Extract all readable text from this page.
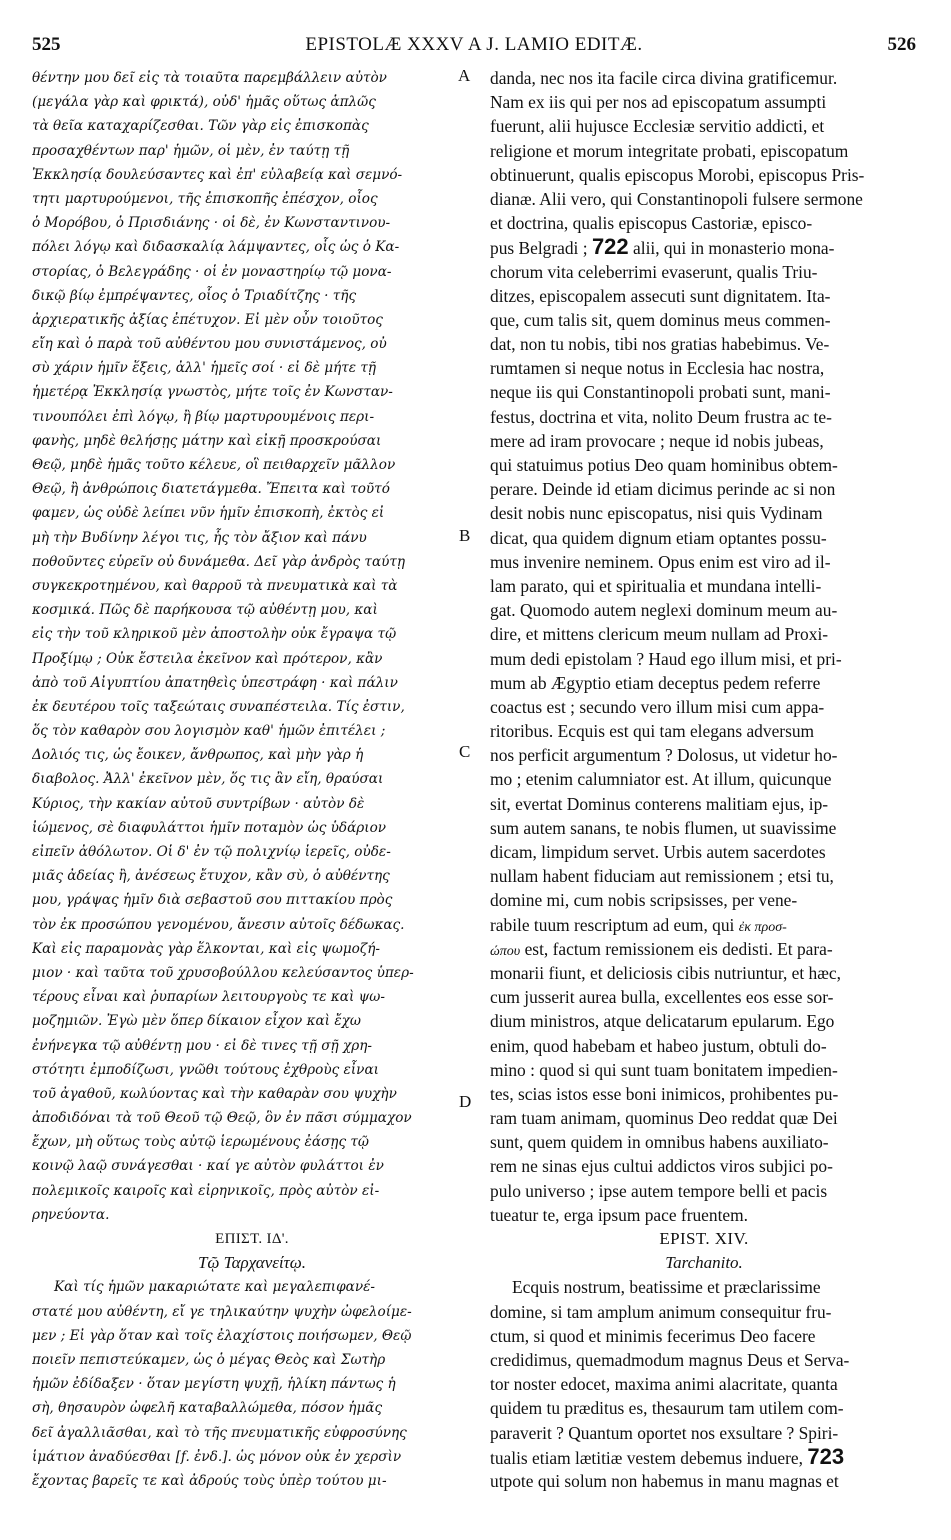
525	EPISTOLÆ XXXV A J. LAMIO EDITÆ.	526
A
B
C
D
θέντην μου δεῖ εἰς τὰ τοιαῦτα παρεμβάλλειν αὐτὸν
(μεγάλα γὰρ καὶ φρικτά), οὐδ' ἡμᾶς οὕτως ἁπλῶς
τὰ θεῖα καταχαρίζεσθαι. Τῶν γὰρ εἰς ἐπισκοπὰς
προσαχθέντων παρ' ἡμῶν, οἱ μὲν, ἐν ταύτῃ τῇ
Ἐκκλησίᾳ δουλεύσαντες καὶ ἐπ' εὐλαβείᾳ καὶ σεμνό-
τητι μαρτυρούμενοι, τῆς ἐπισκοπῆς ἐπέσχον, οἷος
ὁ Μορόβου, ὁ Πρισδιάνης · οἱ δὲ, ἐν Κωνσταντινου-
πόλει λόγῳ καὶ διδασκαλίᾳ λάμψαντες, οἷς ὡς ὁ Κα-
στορίας, ὁ Βελεγράδης · οἱ ἐν μοναστηρίῳ τῷ μονα-
δικῷ βίῳ ἐμπρέψαντες, οἷος ὁ Τριαδίτζης · τῆς
ἀρχιερατικῆς ἀξίας ἐπέτυχον. Εἰ μὲν οὖν τοιοῦτος
εἴη καὶ ὁ παρὰ τοῦ αὐθέντου μου συνιστάμενος, οὐ
σὺ χάριν ἡμῖν ἕξεις, ἀλλ' ἡμεῖς σοί · εἰ δὲ μήτε τῇ
ἡμετέρᾳ Ἐκκλησίᾳ γνωστὸς, μήτε τοῖς ἐν Κωνσταν-
τινουπόλει ἐπὶ λόγῳ, ἢ βίῳ μαρτυρουμένοις περι-
φανὴς, μηδὲ θελήσῃς μάτην καὶ εἰκῇ προσκρούσαι
Θεῷ, μηδὲ ἡμᾶς τοῦτο κέλευε, οἳ πειθαρχεῖν μᾶλλον
Θεῷ, ἢ ἀνθρώποις διατετάγμεθα. Ἔπειτα καὶ τοῦτό
φαμεν, ὡς οὐδὲ λείπει νῦν ἡμῖν ἐπισκοπὴ, ἐκτὸς εἰ
μὴ τὴν Βυδίνην λέγοι τις, ἧς τὸν ἄξιον καὶ πάνυ
ποθοῦντες εὑρεῖν οὐ δυνάμεθα. Δεῖ γὰρ ἀνδρὸς ταύτῃ
συγκεκροτημένου, καὶ θαρροῦ τὰ πνευματικὰ καὶ τὰ
κοσμικά. Πῶς δὲ παρήκουσα τῷ αὐθέντῃ μου, καὶ
εἰς τὴν τοῦ κληρικοῦ μὲν ἀποστολὴν οὐκ ἔγραψα τῷ
Προξίμῳ ; Οὐκ ἔστειλα ἐκεῖνον καὶ πρότερον, κἂν
ἀπὸ τοῦ Αἰγυπτίου ἀπατηθεὶς ὑπεστράφη · καὶ πάλιν
ἐκ δευτέρου τοῖς ταξεώταις συναπέστειλα. Τίς ἐστιν,
ὅς τὸν καθαρὸν σου λογισμὸν καθ' ἡμῶν ἐπιτέλει ;
Δολιός τις, ὡς ἔοικεν, ἄνθρωπος, καὶ μὴν γὰρ ἡ
διαβολος. Ἀλλ' ἐκεῖνον μὲν, ὅς τις ἂν εἴη, θραύσαι
Κύριος, τὴν κακίαν αὐτοῦ συντρίβων · αὐτὸν δὲ
ἰώμενος, σὲ διαφυλάττοι ἡμῖν ποταμὸν ὡς ὑδάριον
εἰπεῖν ἀθόλωτον. Οἱ δ' ἐν τῷ πολιχνίῳ ἱερεῖς, οὐδε-
μιᾶς ἀδείας ἢ, ἀνέσεως ἔτυχον, κἂν σὺ, ὁ αὐθέντης
μου, γράψας ἡμῖν διὰ σεβαστοῦ σου πιττακίου πρὸς
τὸν ἐκ προσώπου γενομένου, ἄνεσιν αὐτοῖς δέδωκας.
Καὶ εἰς παραμονὰς γὰρ ἕλκονται, καὶ εἰς ψωμοζή-
μιον · καὶ ταῦτα τοῦ χρυσοβούλλου κελεύσαντος ὑπερ-
τέρους εἶναι καὶ ῥυπαρίων λειτουργοὺς τε καὶ ψω-
μοζημιῶν. Ἐγὼ μὲν ὅπερ δίκαιον εἶχον καὶ ἔχω
ἐνήνεγκα τῷ αὐθέντῃ μου · εἰ δὲ τινες τῇ σῇ χρη-
στότητι ἐμποδίζωσι, γνῶθι τούτους ἐχθροὺς εἶναι
τοῦ ἀγαθοῦ, κωλύοντας καὶ τὴν καθαρὰν σου ψυχὴν
ἀποδιδόναι τὰ τοῦ Θεοῦ τῷ Θεῷ, ὃν ἐν πᾶσι σύμμαχον
ἔχων, μὴ οὕτως τοὺς αὐτῷ ἱερωμένους ἐάσῃς τῷ
κοινῷ λαῷ συνάγεσθαι · καί γε αὐτὸν φυλάττοι ἐν
πολεμικοῖς καιροῖς καὶ εἰρηνικοῖς, πρὸς αὐτὸν εἰ-
ρηνεύοντα.
ΕΠΙΣΤ. ΙΔ'.
Τῷ Ταρχανείτῳ.
Καὶ τίς ἡμῶν μακαριώτατε καὶ μεγαλεπιφανέ-
στατέ μου αὐθέντη, εἴ γε τηλικαύτην ψυχὴν ὠφελοίμε-
μεν ; Εἰ γὰρ ὅταν καὶ τοῖς ἐλαχίστοις ποιήσωμεν, Θεῷ
ποιεῖν πεπιστεύκαμεν, ὡς ὁ μέγας Θεὸς καὶ Σωτὴρ
ἡμῶν ἐδίδαξεν · ὅταν μεγίστη ψυχῇ, ἡλίκη πάντως ἡ
σὴ, θησαυρὸν ὠφελῆ καταβαλλώμεθα, πόσον ἡμᾶς
δεῖ ἀγαλλιᾶσθαι, καὶ τὸ τῆς πνευματικῆς εὐφροσύνης
ἱμάτιον ἀναδύεσθαι [f. ἐνδ.]. ὡς μόνον οὐκ ἐν χερσὶν
ἔχοντας βαρεῖς τε καὶ ἀδρούς τοὺς ὑπὲρ τούτου μι-
danda, nec nos ita facile circa divina gratificemur.
Nam ex iis qui per nos ad episcopatum assumpti
fuerunt, alii hujusce Ecclesiæ servitio addicti, et
religione et morum integritate probati, episcopatum
obtinuerunt, qualis episcopus Morobi, episcopus Pris-
dianæ. Alii vero, qui Constantinopoli fulsere sermone
et doctrina, qualis episcopus Castoriæ, episco-
pus Belgradi ; 722 alii, qui in monasterio mona-
chorum vita celeberrimi evaserunt, qualis Triu-
ditzes, episcopalem assecuti sunt dignitatem. Ita-
que, cum talis sit, quem dominus meus commen-
dat, non tu nobis, tibi nos gratias habebimus. Ve-
rumtamen si neque notus in Ecclesia hac nostra,
neque iis qui Constantinopoli probati sunt, mani-
festus, doctrina et vita, nolito Deum frustra ac te-
mere ad iram provocare ; neque id nobis jubeas,
qui statuimus potius Deo quam hominibus obtem-
perare. Deinde id etiam dicimus perinde ac si non
desit nobis nunc episcopatus, nisi quis Vydinam
dicat, qua quidem dignum etiam optantes possu-
mus invenire neminem. Opus enim est viro ad il-
lam parato, qui et spiritualia et mundana intelli-
gat. Quomodo autem neglexi dominum meum au-
dire, et mittens clericum meum nullam ad Proxi-
mum dedi epistolam ? Haud ego illum misi, et pri-
mum ab Ægyptio etiam deceptus pedem referre
coactus est ; secundo vero illum misi cum appa-
ritoribus. Ecquis est qui tam elegans adversum
nos perficit argumentum ? Dolosus, ut videtur ho-
mo ; etenim calumniator est. At illum, quicunque
sit, evertat Dominus conterens malitiam ejus, ip-
sum autem sanans, te nobis flumen, ut suavissime
dicam, limpidum servet. Urbis autem sacerdotes
nullam habent fiduciam aut remissionem ; etsi tu,
domine mi, cum nobis scripsisses, per vene-
rabile tuum rescriptum ad eum, qui ἐκ προσ-
ώπου est, factum remissionem eis dedisti. Et para-
monarii fiunt, et deliciosis cibis nutriuntur, et hæc,
cum jusserit aurea bulla, excellentes eos esse sor-
dium ministros, atque delicatarum epularum. Ego
enim, quod habebam et habeo justum, obtuli do-
mino : quod si qui sunt tuam bonitatem impedien-
tes, scias istos esse boni inimicos, prohibentes pu-
ram tuam animam, quominus Deo reddat quæ Dei
sunt, quem quidem in omnibus habens auxiliato-
rem ne sinas ejus cultui addictos viros subjici po-
pulo universo ; ipse autem tempore belli et pacis
tueatur te, erga ipsum pace fruentem.
EPIST. XIV.
Tarchanito.
Ecquis nostrum, beatissime et præclarissime
domine, si tam amplum animum consequitur fru-
ctum, si quod et minimis fecerimus Deo facere
credidimus, quemadmodum magnus Deus et Serva-
tor noster edocet, maxima animi alacritate, quanta
quidem tu præditus es, thesaurum tam utilem com-
paraverit ? Quantum oportet nos exsultare ? Spiri-
tualis etiam lætitiæ vestem debemus induere, 723
utpote qui solum non habemus in manu magnas et
